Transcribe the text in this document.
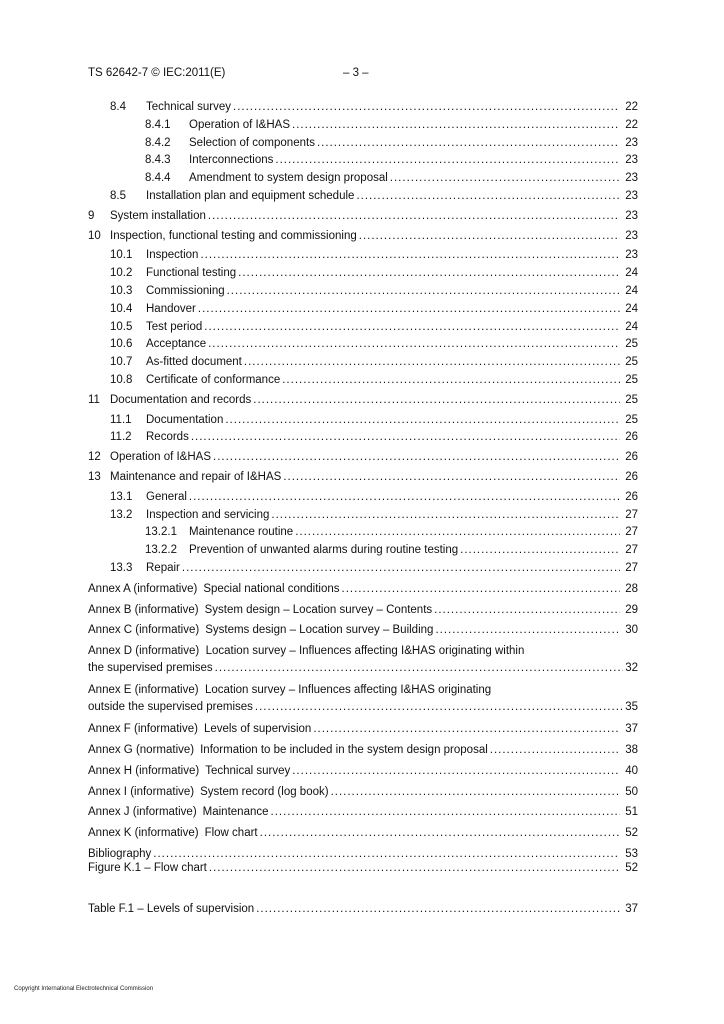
TS 62642-7 © IEC:2011(E)	– 3 –
8.4	Technical survey .....	22
8.4.1	Operation of I&HAS .....	22
8.4.2	Selection of components .....	23
8.4.3	Interconnections .....	23
8.4.4	Amendment to system design proposal .....	23
8.5	Installation plan and equipment schedule .....	23
9	System installation .....	23
10 Inspection, functional testing and commissioning .....	23
10.1	Inspection .....	23
10.2	Functional testing .....	24
10.3	Commissioning .....	24
10.4	Handover .....	24
10.5	Test period .....	24
10.6	Acceptance .....	25
10.7	As-fitted document .....	25
10.8	Certificate of conformance .....	25
11 Documentation and records .....	25
11.1	Documentation .....	25
11.2	Records .....	26
12 Operation of I&HAS .....	26
13 Maintenance and repair of I&HAS .....	26
13.1	General .....	26
13.2	Inspection and servicing .....	27
13.2.1	Maintenance routine .....	27
13.2.2	Prevention of unwanted alarms during routine testing .....	27
13.3	Repair .....	27
Annex A (informative) Special national conditions .....	28
Annex B (informative) System design – Location survey – Contents .....	29
Annex C (informative) Systems design – Location survey – Building .....	30
Annex D (informative) Location survey – Influences affecting I&HAS originating within
the supervised premises .....	32
Annex E (informative) Location survey – Influences affecting I&HAS originating
outside the supervised premises .....	35
Annex F (informative) Levels of supervision .....	37
Annex G (normative) Information to be included in the system design proposal .....	38
Annex H (informative) Technical survey .....	40
Annex I (informative) System record (log book) .....	50
Annex J (informative) Maintenance .....	51
Annex K (informative) Flow chart .....	52
Bibliography .....	53
Figure K.1 – Flow chart .....	52
Table F.1 – Levels of supervision .....	37
Copyright International Electrotechnical Commission
